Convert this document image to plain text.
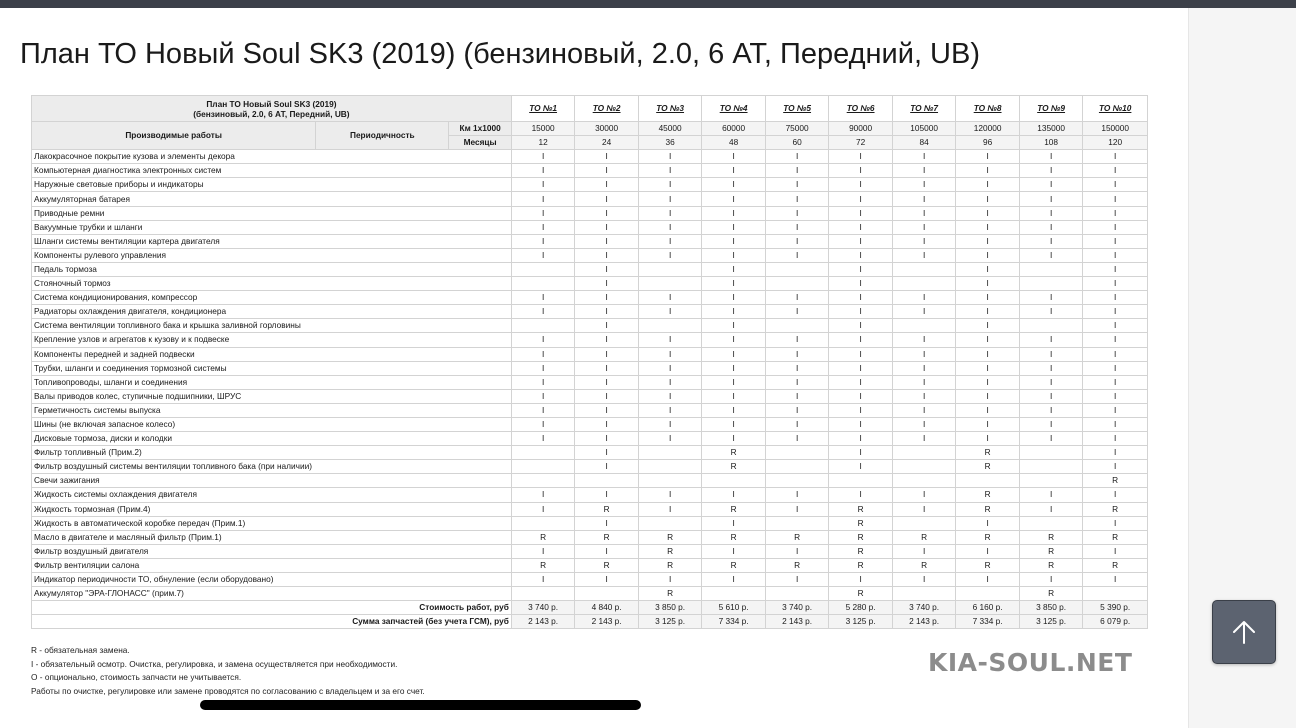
План ТО Новый Soul SK3 (2019) (бензиновый, 2.0, 6 АТ, Передний, UB)
План ТО Новый Soul SK3 (2019)
(бензиновый, 2.0, 6 АТ, Передний, UB)			ТО №1	ТО №2	ТО №3	ТО №4	ТО №5	ТО №6	ТО №7	ТО №8	ТО №9	ТО №10
Производимые работы	Периодичность	Км 1x1000	15000	30000	45000	60000	75000	90000	105000	120000	135000	150000
		Месяцы	12	24	36	48	60	72	84	96	108	120
Лакокрасочное покрытие кузова и элементы декора			I	I	I	I	I	I	I	I	I	I
Компьютерная диагностика электронных систем			I	I	I	I	I	I	I	I	I	I
Наружные световые приборы и индикаторы			I	I	I	I	I	I	I	I	I	I
Аккумуляторная батарея			I	I	I	I	I	I	I	I	I	I
Приводные ремни			I	I	I	I	I	I	I	I	I	I
Вакуумные трубки и шланги			I	I	I	I	I	I	I	I	I	I
Шланги системы вентиляции картера двигателя			I	I	I	I	I	I	I	I	I	I
Компоненты рулевого управления			I	I	I	I	I	I	I	I	I	I
Педаль тормоза				I		I		I		I		I
Стояночный тормоз				I		I		I		I		I
Система кондиционирования, компрессор			I	I	I	I	I	I	I	I	I	I
Радиаторы охлаждения двигателя, кондиционера			I	I	I	I	I	I	I	I	I	I
Система вентиляции топливного бака и крышка заливной горловины				I		I		I		I		I
Крепление узлов и агрегатов к кузову и к подвеске			I	I	I	I	I	I	I	I	I	I
Компоненты передней и задней подвески			I	I	I	I	I	I	I	I	I	I
Трубки, шланги и соединения тормозной системы			I	I	I	I	I	I	I	I	I	I
Топливопроводы, шланги и соединения			I	I	I	I	I	I	I	I	I	I
Валы приводов колес, ступичные подшипники, ШРУС			I	I	I	I	I	I	I	I	I	I
Герметичность системы выпуска			I	I	I	I	I	I	I	I	I	I
Шины (не включая запасное колесо)			I	I	I	I	I	I	I	I	I	I
Дисковые тормоза, диски и колодки			I	I	I	I	I	I	I	I	I	I
Фильтр топливный (Прим.2)				I		R		I		R		I
Фильтр воздушный системы вентиляции топливного бака (при наличии)				I		R		I		R		I
Свечи зажигания												R
Жидкость системы охлаждения двигателя			I	I	I	I	I	I	I	R	I	I
Жидкость тормозная (Прим.4)			I	R	I	R	I	R	I	R	I	R
Жидкость в автоматической коробке передач (Прим.1)				I		I		R		I		I
Масло в двигателе и масляный фильтр (Прим.1)			R	R	R	R	R	R	R	R	R	R
Фильтр воздушный двигателя			I	I	R	I	I	R	I	I	R	I
Фильтр вентиляции салона			R	R	R	R	R	R	R	R	R	R
Индикатор периодичности ТО, обнуление (если оборудовано)			I	I	I	I	I	I	I	I	I	I
Аккумулятор "ЭРА-ГЛОНАСС" (прим.7)					R			R			R	
Стоимость работ, руб			3 740 р.	4 840 р.	3 850 р.	5 610 р.	3 740 р.	5 280 р.	3 740 р.	6 160 р.	3 850 р.	5 390 р.
Сумма запчастей (без учета ГСМ), руб			2 143 р.	2 143 р.	3 125 р.	7 334 р.	2 143 р.	3 125 р.	2 143 р.	7 334 р.	3 125 р.	6 079 р.
R - обязательная замена.
I - обязательный осмотр. Очистка, регулировка, и замена осуществляется при необходимости.
O - опционально, стоимость запчасти не учитывается.
Работы по очистке, регулировке или замене проводятся по согласованию с владельцем и за его счет.
KIA-SOUL.NET
